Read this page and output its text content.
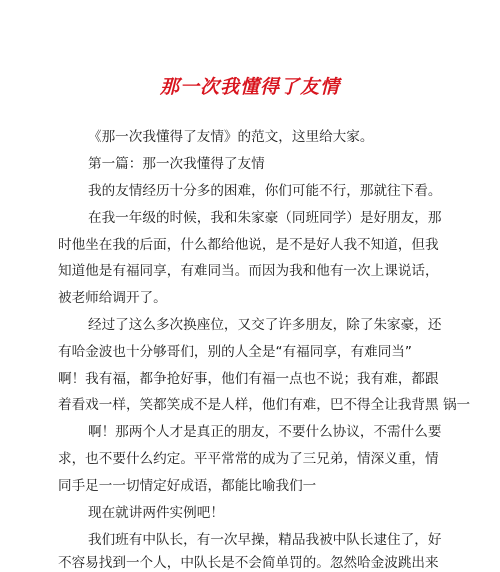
那一次我懂得了友情
《那一次我懂得了友情》的范文，这里给大家。
第一篇：那一次我懂得了友情
我的友情经历十分多的困难，你们可能不行，那就往下看。
在我一年级的时候，我和朱家豪（同班同学）是好朋友，那
时他坐在我的后面，什么都给他说，是不是好人我不知道，但我
知道他是有福同享，有难同当。而因为我和他有一次上课说话，
被老师给调开了。
经过了这么多次换座位，又交了许多朋友，除了朱家豪，还
有哈金波也十分够哥们，别的人全是“有福同享，有难同当”
啊！我有福，都争抢好事，他们有福一点也不说；我有难，都跟
着看戏一样，笑都笑成不是人样，他们有难，巴不得全让我背黑 锅一
啊！那两个人才是真正的朋友，不要什么协议，不需什么要
求，也不要什么约定。平平常常的成为了三兄弟，情深义重，情
同手足一一切情定好成语，都能比喻我们一
现在就讲两件实例吧！
我们班有中队长，有一次早操，精品我被中队长逮住了，好
不容易找到一个人，中队长是不会简单罚的。忽然哈金波跳出来
